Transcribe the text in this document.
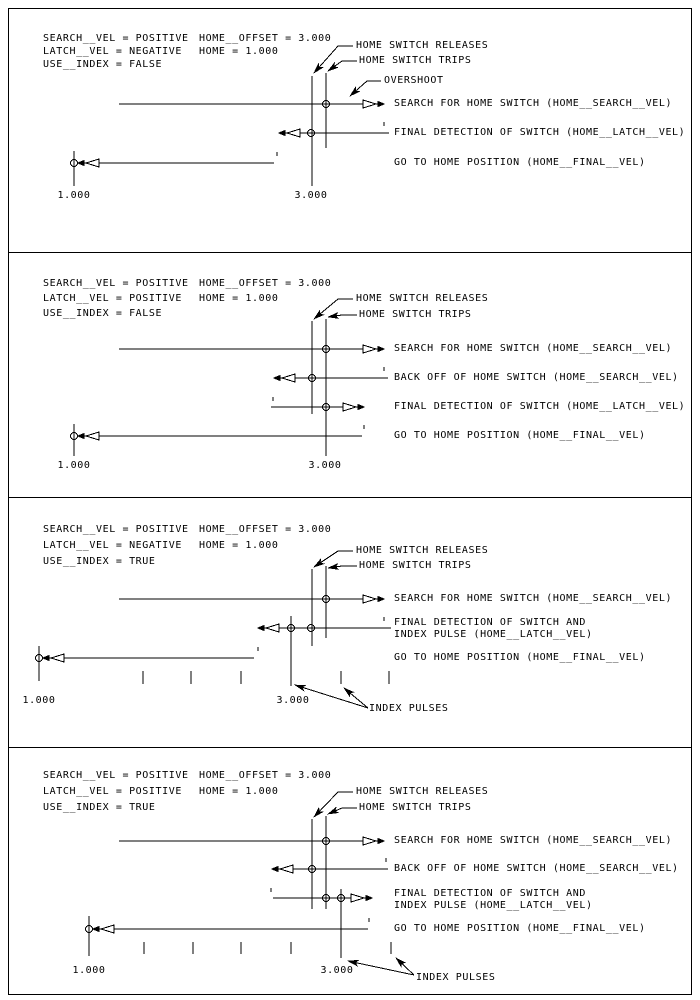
SEARCH__VEL = POSITIVE
LATCH__VEL = NEGATIVE
USE__INDEX = FALSE
HOME__OFFSET = 3.000
HOME = 1.000
HOME SWITCH RELEASES
HOME SWITCH TRIPS
OVERSHOOT
SEARCH FOR HOME SWITCH (HOME__SEARCH__VEL)
FINAL DETECTION OF SWITCH (HOME__LATCH__VEL)
GO TO HOME POSITION (HOME__FINAL__VEL)
1.000	3.000
SEARCH__VEL = POSITIVE
LATCH__VEL = POSITIVE
USE__INDEX = FALSE
HOME__OFFSET = 3.000
HOME = 1.000	HOME SWITCH RELEASES
HOME SWITCH TRIPS
SEARCH FOR HOME SWITCH (HOME__SEARCH__VEL)
BACK OFF OF HOME SWITCH (HOME__SEARCH__VEL)
FINAL DETECTION OF SWITCH (HOME__LATCH__VEL)
GO TO HOME POSITION (HOME__FINAL__VEL)
1.000	3.000
SEARCH__VEL = POSITIVE
LATCH__VEL = NEGATIVE
USE__INDEX = TRUE
HOME__OFFSET = 3.000
HOME = 1.000	HOME SWITCH RELEASES
HOME SWITCH TRIPS
SEARCH FOR HOME SWITCH (HOME__SEARCH__VEL)
FINAL DETECTION OF SWITCH AND
INDEX PULSE (HOME__LATCH__VEL)
GO TO HOME POSITION (HOME__FINAL__VEL)
1.000	3.000
INDEX PULSES
SEARCH__VEL = POSITIVE
LATCH__VEL = POSITIVE
USE__INDEX = TRUE
HOME__OFFSET = 3.000
HOME = 1.000	HOME SWITCH RELEASES
HOME SWITCH TRIPS
SEARCH FOR HOME SWITCH (HOME__SEARCH__VEL)
BACK OFF OF HOME SWITCH (HOME__SEARCH__VEL)
FINAL DETECTION OF SWITCH AND
INDEX PULSE (HOME__LATCH__VEL)
GO TO HOME POSITION (HOME__FINAL__VEL)
1.000	3.000
INDEX PULSES
